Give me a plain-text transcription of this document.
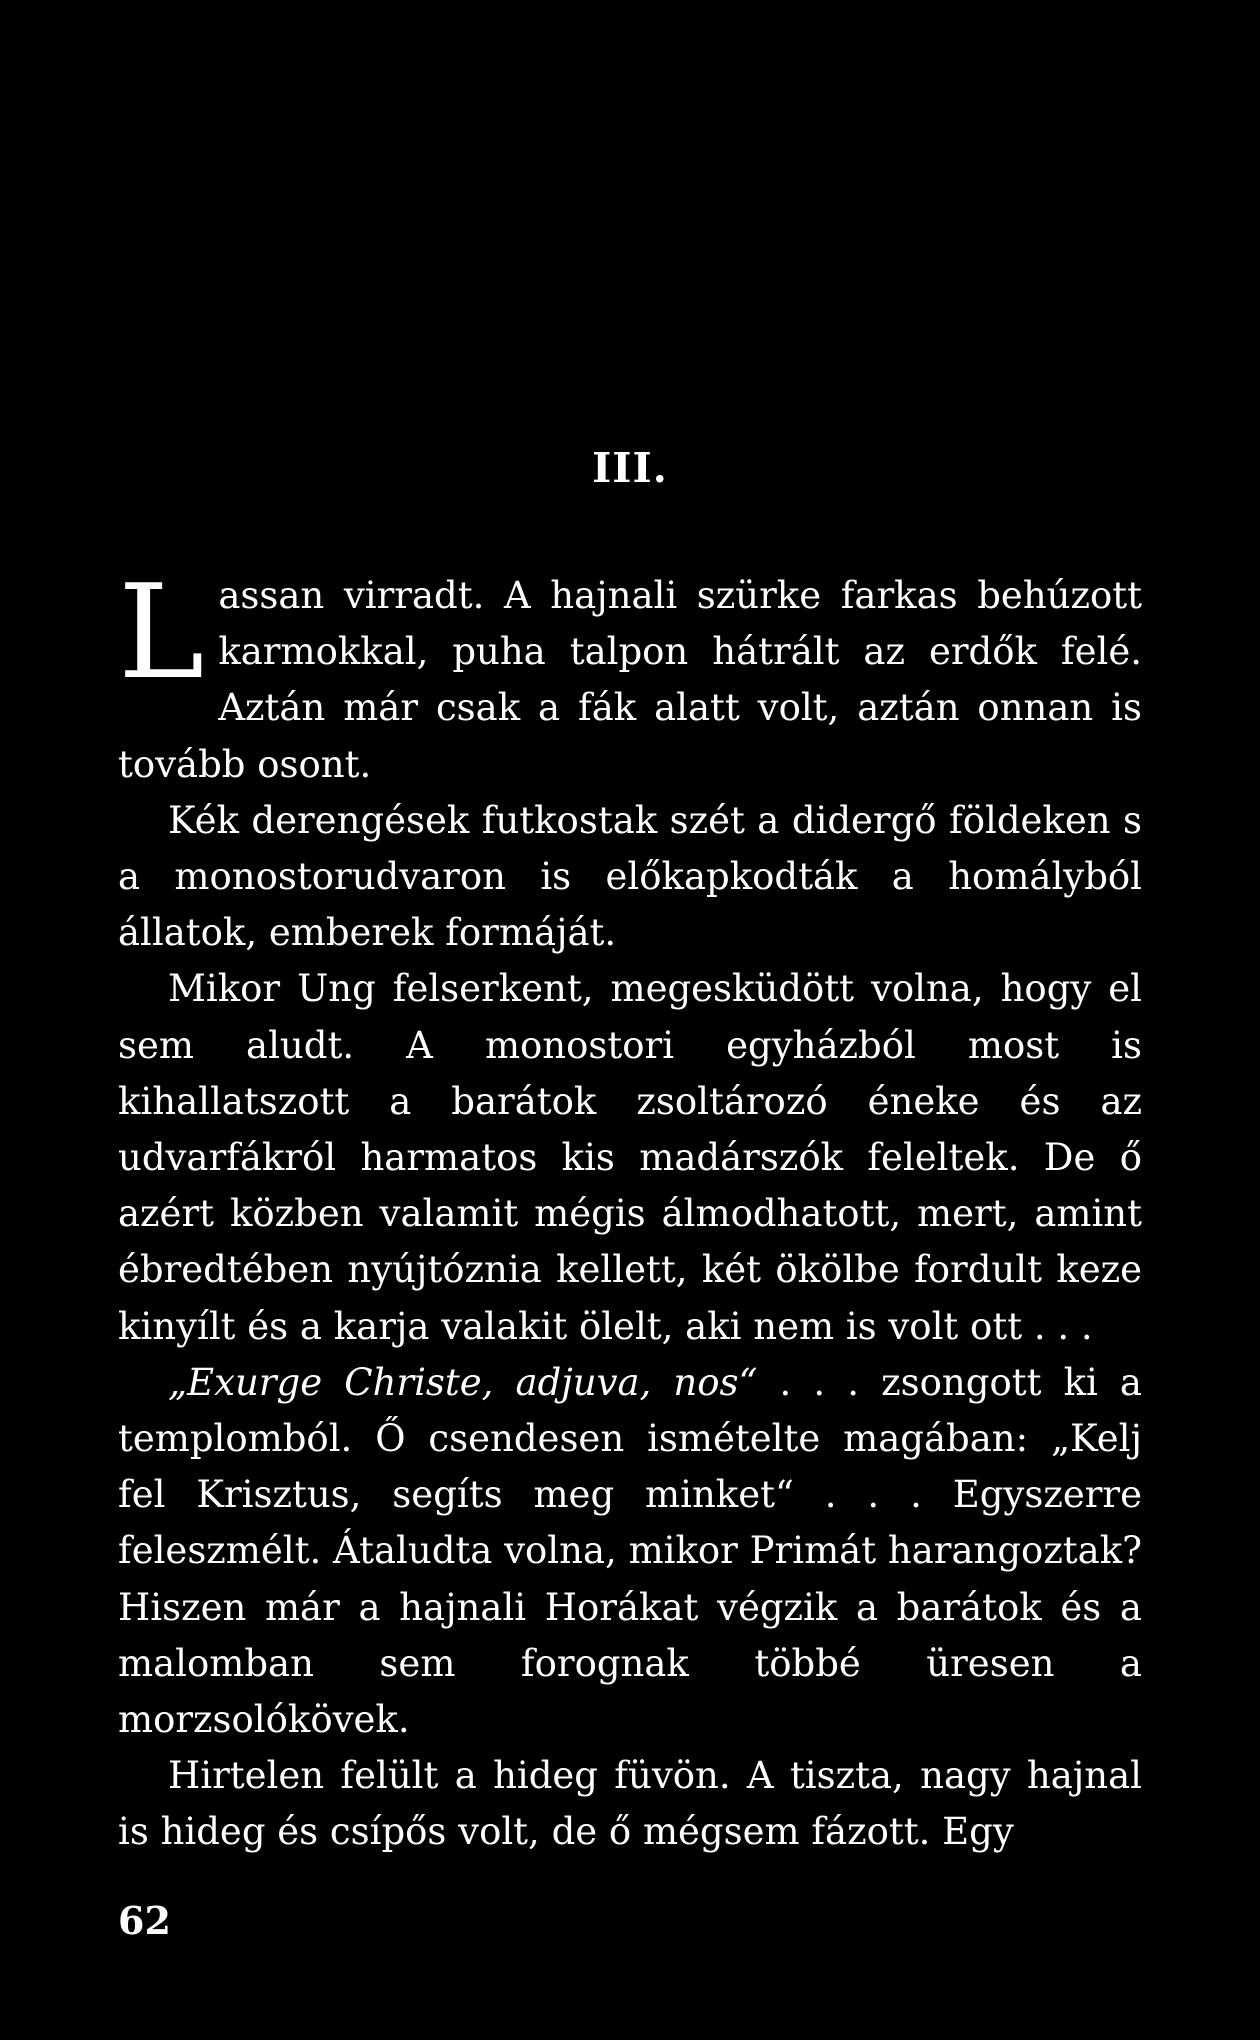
III.

Lassan virradt. A hajnali szürke farkas behúzott karmokkal, puha talpon hátrált az erdők felé. Aztán már csak a fák alatt volt, aztán onnan is tovább osont.

Kék derengések futkostak szét a didergő földeken s a monostorudvaron is előkapkodták a homályból állatok, emberek formáját.

Mikor Ung felserkent, megesküdött volna, hogy el sem aludt. A monostori egyházból most is kihallatszott a barátok zsoltározó éneke és az udvarfákról harmatos kis madárszók feleltek. De ő azért közben valamit mégis álmodhatott, mert, amint ébredtében nyújtóznia kellett, két ökölbe fordult keze kinyílt és a karja valakit ölelt, aki nem is volt ott . . .

„Exurge Christe, adjuva, nos“ . . . zsongott ki a templomból. Ő csendesen ismételte magában: „Kelj fel Krisztus, segíts meg minket“ . . . Egyszerre feleszmélt. Átaludta volna, mikor Primát harangoztak? Hiszen már a hajnali Horákat végzik a barátok és a malomban sem forognak többé üresen a morzsolókövek.

Hirtelen felült a hideg füvön. A tiszta, nagy hajnal is hideg és csípős volt, de ő mégsem fázott. Egy

62
